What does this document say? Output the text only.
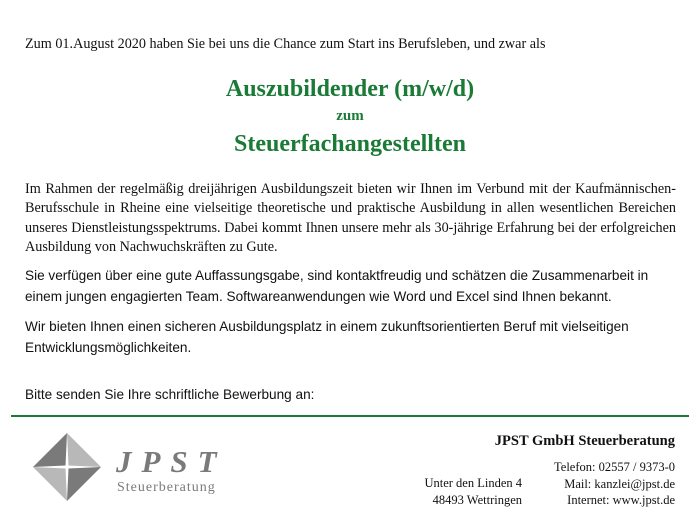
Zum 01.August 2020 haben Sie bei uns die Chance zum Start ins Berufsleben, und zwar als

Auszubildender (m/w/d)
zum
Steuerfachangestellten

Im Rahmen der regelmäßig dreijährigen Ausbildungszeit bieten wir Ihnen im Verbund mit der Kaufmännischen-Berufsschule in Rheine eine vielseitige theoretische und praktische Ausbildung in allen wesentlichen Bereichen unseres Dienstleistungsspektrums. Dabei kommt Ihnen unsere mehr als 30-jährige Erfahrung bei der erfolgreichen Ausbildung von Nachwuchskräften zu Gute.

Sie verfügen über eine gute Auffassungsgabe, sind kontaktfreudig und schätzen die Zusammenarbeit in einem jungen engagierten Team. Softwareanwendungen wie Word und Excel sind Ihnen bekannt.

Wir bieten Ihnen einen sicheren Ausbildungsplatz in einem zukunftsorientierten Beruf mit vielseitigen Entwicklungsmöglichkeiten.

Bitte senden Sie Ihre schriftliche Bewerbung an:

JPST

Steuerberatung

JPST GmbH Steuerberatung

Unter den Linden 4
48493 Wettringen
Telefon: 02557 / 9373-0
Mail: kanzlei@jpst.de
Internet: www.jpst.de
